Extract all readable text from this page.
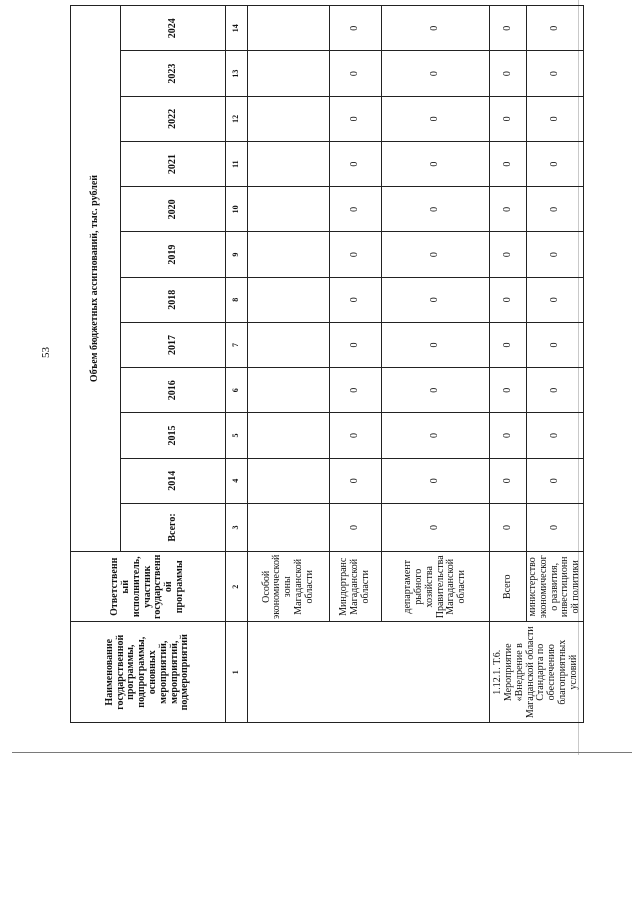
53
Наименование государственной программы, подпрограммы, основных мероприятий, мероприятий, подмероприятий	Ответственный исполнитель, участник государственной программы	Объем бюджетных ассигнований, тыс. рублей											
		Всего:	2014	2015	2016	2017	2018	2019	2020	2021	2022	2023	2024
1	2	3	4	5	6	7	8	9	10	11	12	13	14
	Особой экономической зоны Магаданской области												
	Миндортранс Магаданской области	0	0	0	0	0	0	0	0	0	0	0	0
	департамент рыбного хозяйства Правительства Магаданской области	0	0	0	0	0	0	0	0	0	0	0	0
1.12.1. Т.6. Мероприятие «Внедрение в Магаданской области Стандарта по обеспечению благоприятных условий	Всего	0	0	0	0	0	0	0	0	0	0	0	0
	министерство экономического развития, инвестиционной политики	0	0	0	0	0	0	0	0	0	0	0	0
